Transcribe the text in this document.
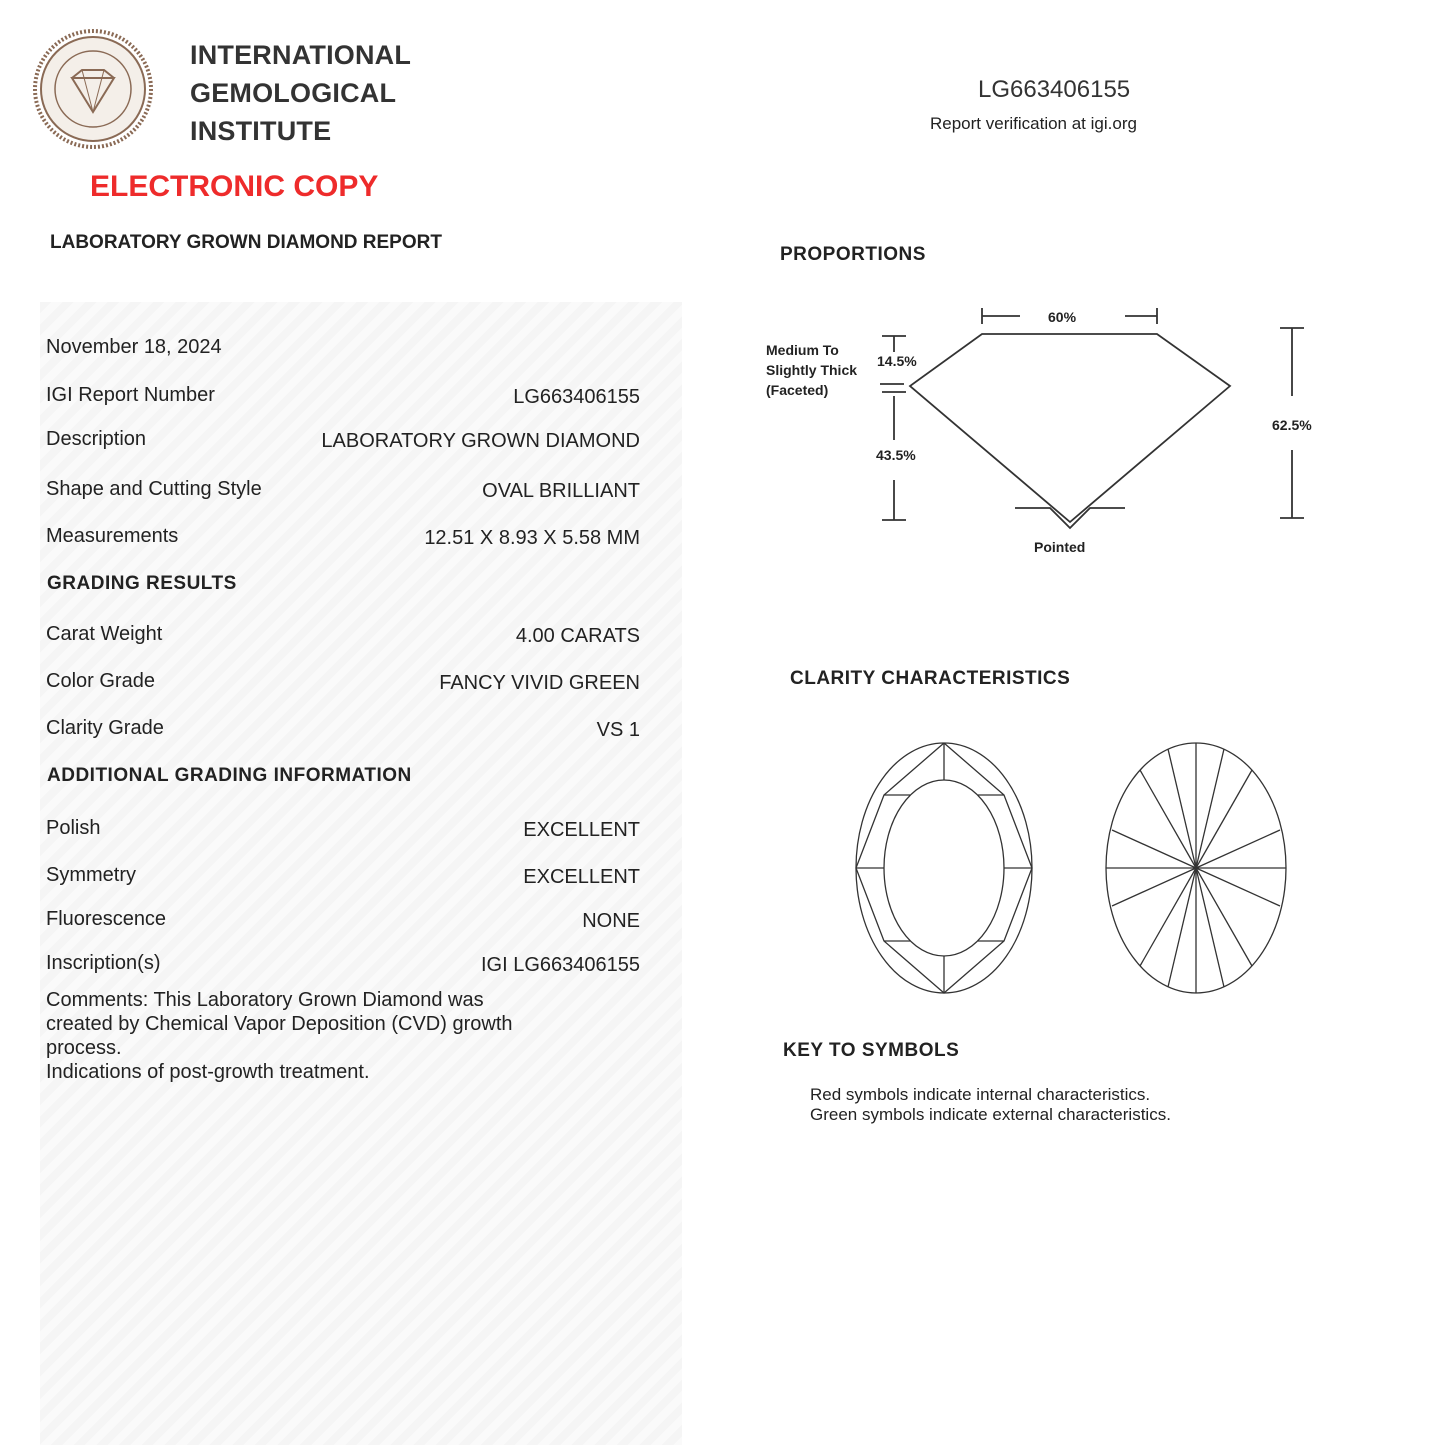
INTERNATIONAL
GEMOLOGICAL
INSTITUTE
ELECTRONIC COPY
LABORATORY GROWN DIAMOND REPORT
LG663406155
Report verification at igi.org
November 18, 2024
IGI Report Number	LG663406155
Description	LABORATORY GROWN DIAMOND
Shape and Cutting Style	OVAL BRILLIANT
Measurements	12.51 X 8.93 X 5.58 MM
GRADING RESULTS
Carat Weight	4.00 CARATS
Color Grade	FANCY VIVID GREEN
Clarity Grade	VS 1
ADDITIONAL GRADING INFORMATION
Polish	EXCELLENT
Symmetry	EXCELLENT
Fluorescence	NONE
Inscription(s)	IGI LG663406155
Comments: This Laboratory Grown Diamond was
created by Chemical Vapor Deposition (CVD) growth
process.
Indications of post-growth treatment.
PROPORTIONS
60%
14.5%
43.5%
62.5%
Medium To
Slightly Thick
(Faceted)
Pointed
CLARITY CHARACTERISTICS
KEY TO SYMBOLS
Red symbols indicate internal characteristics.
Green symbols indicate external characteristics.
